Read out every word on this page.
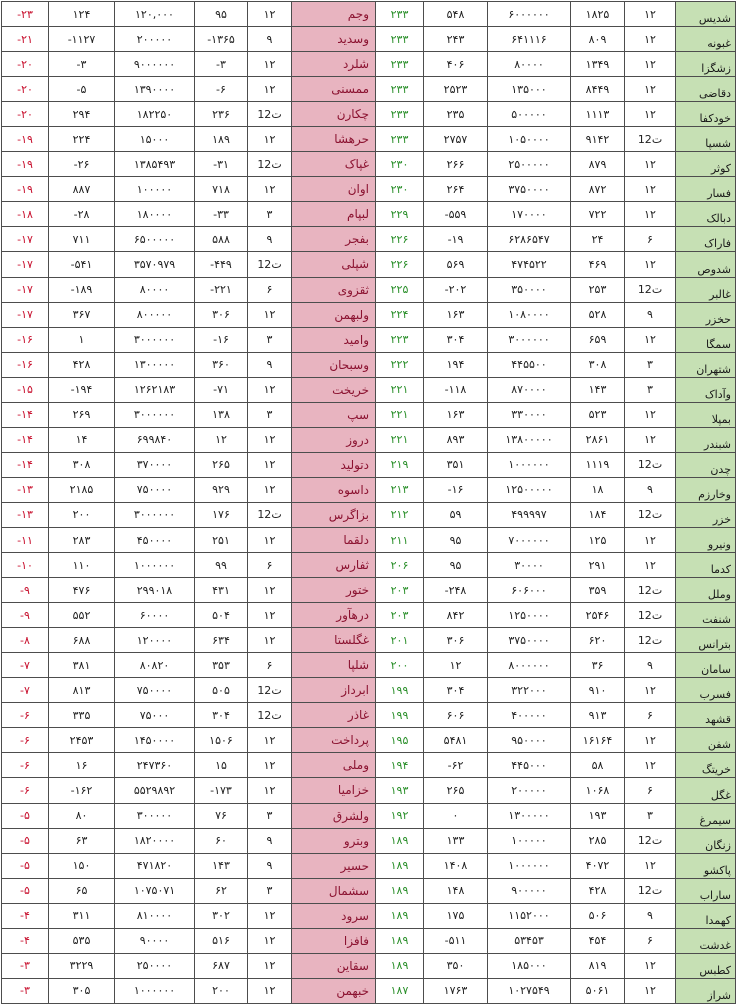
-۲۳	۱۲۴	۱۲۰,۰۰۰	۹۵	۱۲	وجم	۲۳۳	۵۴۸	۶۰۰۰۰۰۰	۱۸۲۵	۱۲	شدیس
-۲۱	-۱۱۲۷	۲۰۰۰۰۰	-۱۳۶۵	۹	وسدید	۲۳۳	۲۴۳	۶۴۱۱۱۶	۸۰۹	۱۲	غبونه
-۲۰	-۳	۹۰۰۰۰۰۰	-۳	۱۲	شلرد	۲۳۳	۴۰۶	۸۰۰۰۰	۱۳۴۹	۱۲	زشگزا
-۲۰	-۵	۱۳۹۰۰۰۰	-۶	۱۲	ممسنی	۲۳۳	۲۵۲۳	۱۳۵۰۰۰	۸۴۴۹	۱۲	دقاضی
-۲۰	۲۹۴	۱۸۲۲۵۰	۲۳۶	12ت	چکارن	۲۳۳	۲۳۵	۵۰۰۰۰۰	۱۱۱۳	۱۲	خودکفا
-۱۹	۲۲۴	۱۵۰۰۰	۱۸۹	۱۲	حرهشا	۲۳۳	۲۷۵۷	۱۰۵۰۰۰۰	۹۱۴۲	12ت	شسپا
-۱۹	-۲۶	۱۳۸۵۴۹۳	-۳۱	12ت	غپاک	۲۳۰	۲۶۶	۲۵۰۰۰۰۰	۸۷۹	۱۲	کوثر
-۱۹	۸۸۷	۱۰۰۰۰۰	۷۱۸	۱۲	اوان	۲۳۰	۲۶۴	۳۷۵۰۰۰۰	۸۷۲	۱۲	فسار
-۱۸	-۲۸	۱۸۰۰۰۰	-۳۳	۳	لبپام	۲۲۹	-۵۵۹	۱۷۰۰۰۰	۷۲۲	۱۲	دبالک
-۱۷	۷۱۱	۶۵۰۰۰۰۰	۵۸۸	۹	بفجر	۲۲۶	-۱۹	۶۲۸۶۵۴۷	۲۴	۶	فاراک
-۱۷	-۵۴۱	۳۵۷۰۹۷۹	-۴۴۹	12ت	شپلی	۲۲۶	۵۶۹	۴۷۴۵۲۲	۴۶۹	۱۲	شدوص
-۱۷	-۱۸۹	۸۰۰۰۰	-۲۲۱	۶	ثقزوی	۲۲۵	-۲۰۲	۳۵۰۰۰۰	۲۵۳	12ت	غالبر
-۱۷	۳۶۷	۸۰۰۰۰۰	۳۰۶	۱۲	ولبهمن	۲۲۴	۱۶۳	۱۰۸۰۰۰۰	۵۲۸	۹	حخزر
-۱۶	۱	۳۰۰۰۰۰۰	-۱۶	۳	وامید	۲۲۳	۳۰۴	۳۰۰۰۰۰۰	۶۵۹	۱۲	سمگا
-۱۶	۴۲۸	۱۳۰۰۰۰۰	۳۶۰	۹	وسبحان	۲۲۲	۱۹۴	۴۴۵۵۰۰	۳۰۸	۳	شتهران
-۱۵	-۱۹۴	۱۲۶۲۱۸۳	-۷۱	۱۲	خریخت	۲۲۱	-۱۱۸	۸۷۰۰۰۰	۱۴۳	۳	وآداک
-۱۴	۲۶۹	۳۰۰۰۰۰۰	۱۳۸	۳	سپ	۲۲۱	۱۶۳	۳۳۰۰۰۰	۵۲۳	۱۲	بمپلا
-۱۴	۱۴	۶۹۹۸۴۰	۱۲	۱۲	دروز	۲۲۱	۸۹۳	۱۳۸۰۰۰۰۰	۲۸۶۱	۱۲	شبندر
-۱۴	۳۰۸	۳۷۰۰۰۰	۲۶۵	۱۲	دتولید	۲۱۹	۳۵۱	۱۰۰۰۰۰۰	۱۱۱۹	12ت	چدن
-۱۳	۲۱۸۵	۷۵۰۰۰۰	۹۲۹	۱۲	داسوه	۲۱۳	-۱۶	۱۲۵۰۰۰۰۰	۱۸	۹	وخارزم
-۱۳	۲۰۰	۳۰۰۰۰۰۰	۱۷۶	12ت	بزاگرس	۲۱۲	۵۹	۴۹۹۹۹۷	۱۸۴	12ت	خزر
-۱۱	۲۸۳	۴۵۰۰۰۰	۲۵۱	۱۲	دلقما	۲۱۱	۹۵	۷۰۰۰۰۰۰	۱۲۵	۱۲	ونیرو
-۱۰	۱۱۰	۱۰۰۰۰۰۰	۹۹	۶	ثفارس	۲۰۶	۹۵	۳۰۰۰۰	۲۹۱	۱۲	کدما
-۹	۴۷۶	۲۹۹۰۱۸	۴۳۱	۱۲	ختور	۲۰۳	-۲۴۸	۶۰۶۰۰۰	۳۵۹	12ت	وملل
-۹	۵۵۲	۶۰۰۰۰	۵۰۴	۱۲	درهآور	۲۰۳	۸۴۲	۱۲۵۰۰۰۰	۲۵۴۶	12ت	شنفت
-۸	۶۸۸	۱۲۰۰۰۰	۶۳۴	۱۲	غگلستا	۲۰۱	۳۰۶	۳۷۵۰۰۰۰	۶۲۰	12ت	بترانس
-۷	۳۸۱	۸۰۸۲۰	۳۵۳	۶	شلپا	۲۰۰	۱۲	۸۰۰۰۰۰۰	۳۶	۹	سامان
-۷	۸۱۳	۷۵۰۰۰۰	۵۰۵	12ت	ابرداز	۱۹۹	۳۰۴	۳۲۲۰۰۰	۹۱۰	۱۲	فسرب
-۶	۳۳۵	۷۵۰۰۰	۳۰۴	ت12	غاذر	۱۹۹	۶۰۶	۴۰۰۰۰۰	۹۱۳	۶	قشهد
-۶	۲۴۵۳	۱۴۵۰۰۰۰	۱۵۰۶	۱۲	پرداخت	۱۹۵	۵۴۸۱	۹۵۰۰۰۰	۱۶۱۶۴	۱۲	شفن
-۶	۱۶	۲۴۷۳۶۰	۱۵	۱۲	وملی	۱۹۴	-۶۲	۴۴۵۰۰۰	۵۸	۱۲	خریتگ
-۶	-۱۶۲	۵۵۲۹۸۹۲	-۱۷۳	۱۲	خزامیا	۱۹۳	۲۶۵	۲۰۰۰۰۰	۱۰۶۸	۶	غگل
-۵	۸۰	۳۰۰۰۰۰	۷۶	۳	ولشرق	۱۹۲	۰	۱۳۰۰۰۰۰	۱۹۳	۳	سیمرغ
-۵	۶۳	۱۸۲۰۰۰۰	۶۰	۹	وبترو	۱۸۹	۱۳۳	۱۰۰۰۰۰	۲۸۵	12ت	زنگان
-۵	۱۵۰	۴۷۱۸۲۰	۱۴۳	۹	حسیر	۱۸۹	۱۴۰۸	۱۰۰۰۰۰۰	۴۰۷۲	۱۲	پاکشو
-۵	۶۵	۱۰۷۵۰۷۱	۶۲	۳	سشمال	۱۸۹	۱۴۸	۹۰۰۰۰۰	۴۲۸	12ت	ساراب
-۴	۳۱۱	۸۱۰۰۰۰	۳۰۲	۱۲	سرود	۱۸۹	۱۷۵	۱۱۵۲۰۰۰	۵۰۶	۹	کهمدا
-۴	۵۳۵	۹۰۰۰۰	۵۱۶	۱۲	فافزا	۱۸۹	-۵۱۱	۵۳۴۵۳	۴۵۴	۶	غدشت
-۳	۳۲۲۹	۲۵۰۰۰۰	۶۸۷	۱۲	سقاین	۱۸۹	۳۵۰	۱۸۵۰۰۰	۸۱۹	۱۲	کطبس
-۳	۳۰۵	۱۰۰۰۰۰۰	۲۰۰	۱۲	خبهمن	۱۸۷	۱۷۶۳	۱۰۲۷۵۴۹	۵۰۶۱	۱۲	شراز
